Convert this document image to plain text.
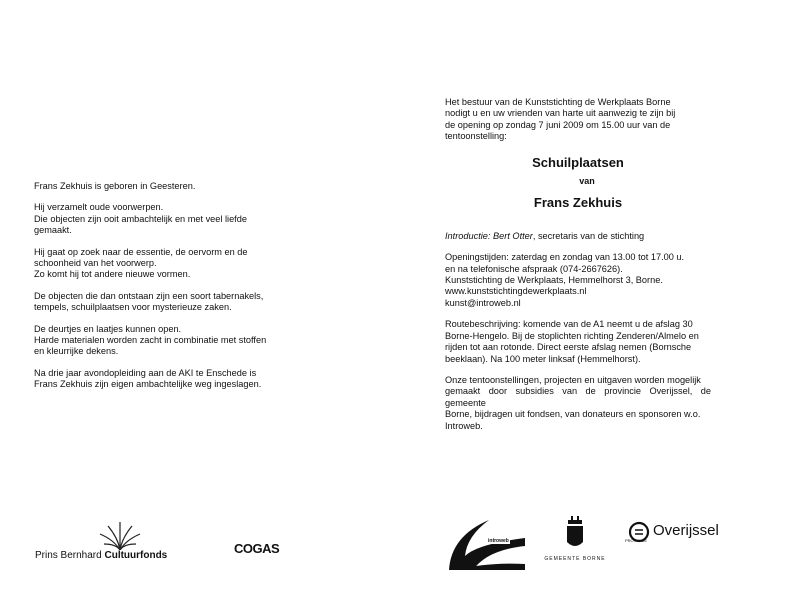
Frans Zekhuis is geboren in Geesteren.

Hij verzamelt oude voorwerpen.
Die objecten zijn ooit ambachtelijk en met veel liefde
gemaakt.

Hij gaat op zoek naar de essentie, de oervorm en de
schoonheid van het voorwerp.
Zo komt hij tot andere nieuwe vormen.

De objecten die dan ontstaan zijn een soort tabernakels,
tempels, schuilplaatsen voor mysterieuze zaken.

De deurtjes en laatjes kunnen open.
Harde materialen worden zacht in combinatie met stoffen
en kleurrijke dekens.

Na drie jaar avondopleiding aan de AKI te Enschede is
Frans Zekhuis zijn eigen ambachtelijke weg ingeslagen.

Het bestuur van de Kunststichting de Werkplaats Borne
nodigt u en uw vrienden van harte uit aanwezig te zijn bij
de opening op zondag 7 juni 2009 om 15.00 uur van de
tentoonstelling:

Schuilplaatsen
van
Frans Zekhuis

Introductie: Bert Otter, secretaris van de stichting

Openingstijden: zaterdag en zondag van 13.00 tot 17.00 u.
en na telefonische afspraak (074-2667626).
Kunststichting de Werkplaats, Hemmelhorst 3, Borne.
www.kunststichtingdewerkplaats.nl
kunst@introweb.nl

Routebeschrijving: komende van de A1 neemt u de afslag 30
Borne-Hengelo. Bij de stoplichten richting Zenderen/Almelo en
rijden tot aan rotonde. Direct eerste afslag nemen (Bornsche
beeklaan). Na 100 meter linksaf (Hemmelhorst).

Onze tentoonstellingen, projecten en uitgaven worden mogelijk
gemaakt door subsidies van de provincie Overijssel, de gemeente
Borne, bijdragen uit fondsen, van donateurs en sponsoren w.o.
Introweb.

Prins Bernhard Cultuurfonds	COGAS	introweb
GEMEENTE BORNE
Overijssel
PROVINCIE
